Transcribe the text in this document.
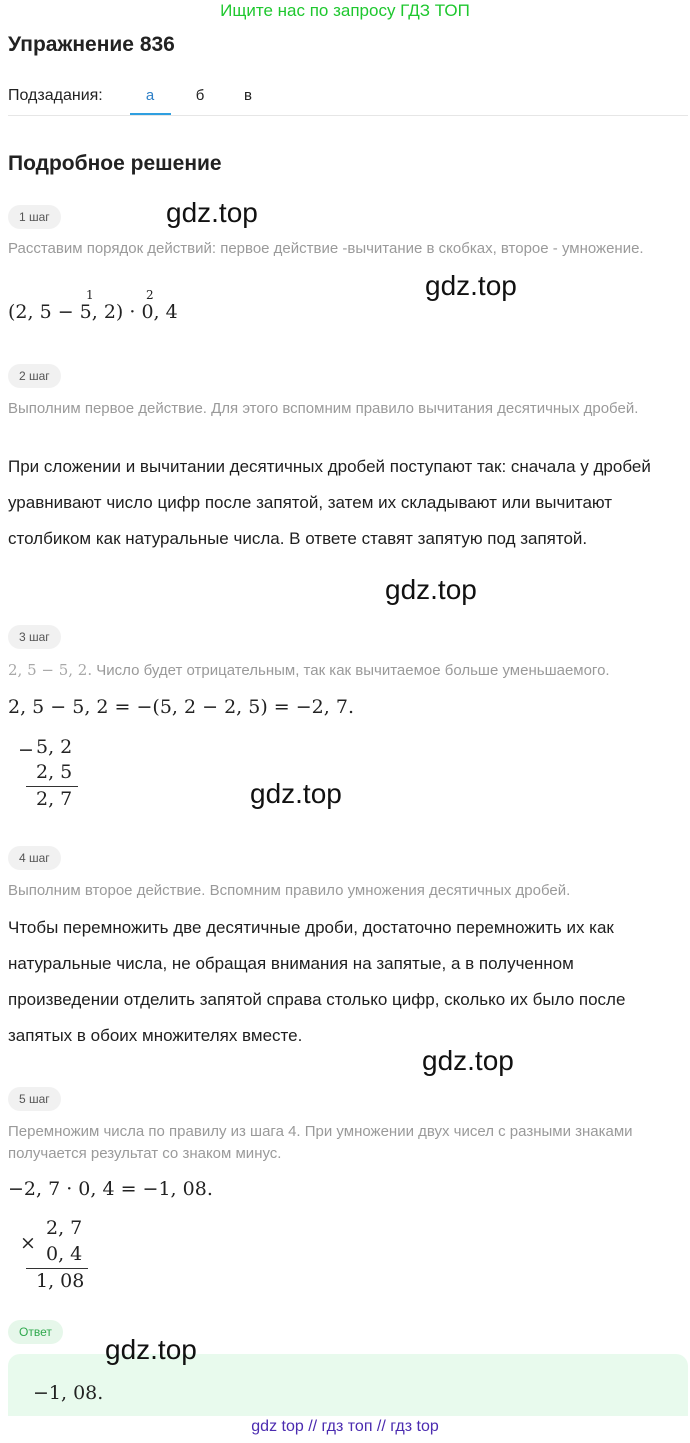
Ищите нас по запросу ГДЗ ТОП
Упражнение 836
Подзадания:	а	б	в
Подробное решение
1 шаг	gdz.top
Расставим порядок действий: первое действие -вычитание в скобках, второе - умножение.
gdz.top
(2, 5 − 5, 2) · 0, 4
1	2
2 шаг
Выполним первое действие. Для этого вспомним правило вычитания десятичных дробей.
При сложении и вычитании десятичных дробей поступают так: сначала у дробей уравнивают число цифр после запятой, затем их складывают или вычитают столбиком как натуральные числа. В ответе ставят запятую под запятой.
gdz.top
3 шаг
2, 5 − 5, 2. Число будет отрицательным, так как вычитаемое больше уменьшаемого.
2, 5 − 5, 2 = −(5, 2 − 2, 5) = −2, 7.
− 5, 2
2, 5
2, 7	gdz.top
4 шаг
Выполним второе действие. Вспомним правило умножения десятичных дробей.
Чтобы перемножить две десятичные дроби, достаточно перемножить их как натуральные числа, не обращая внимания на запятые, а в полученном произведении отделить запятой справа столько цифр, сколько их было после запятых в обоих множителях вместе.
gdz.top
5 шаг
Перемножим числа по правилу из шага 4. При умножении двух чисел с разными знаками получается результат со знаком минус.
−2, 7 · 0, 4 = −1, 08.
×
2, 7
0, 4
1, 08
Ответ
gdz.top
−1, 08.
gdz top // гдз топ // гдз top
